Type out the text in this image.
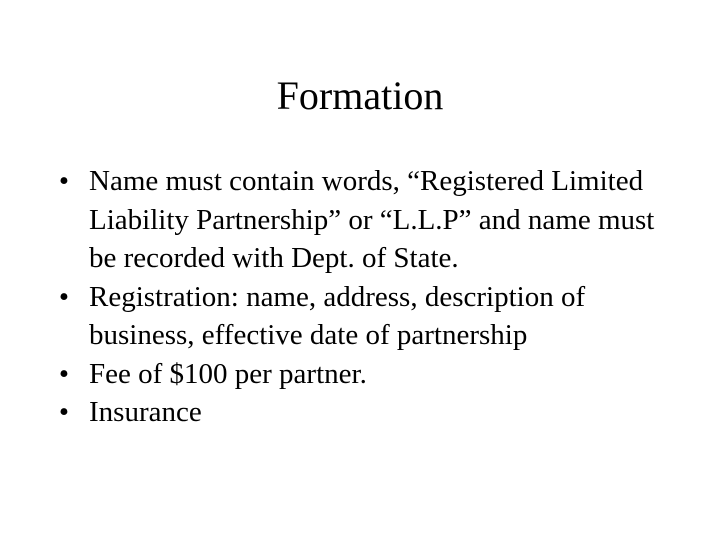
Formation
• Name must contain words, “Registered Limited Liability Partnership” or “L.L.P” and name must be recorded with Dept. of State.
• Registration: name, address, description of business, effective date of partnership
• Fee of $100 per partner.
• Insurance
